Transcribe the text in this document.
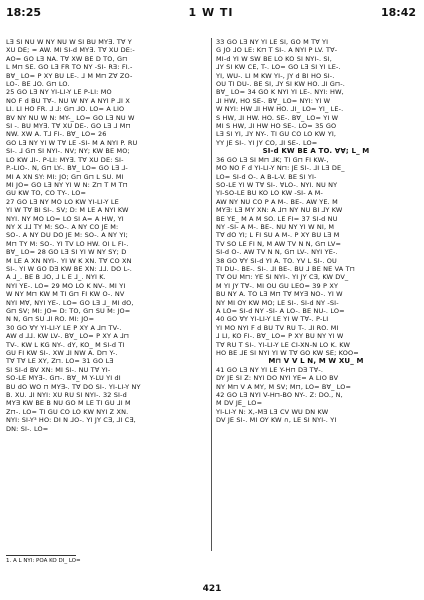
18:25	1 W TI	18:42
LƎ SI NU W NY NU W SI BU MY∃. T∀ Y
XU DE; ≈ AW. MI SI-d MY∃. T∀ XU DE:-
AO= GO LƎ NA. T∀ XW BE D TO, G⊓
L M⊓ SE. GO LƎ FR TO NY -SI- RƎ: FI.-
B∀_ LO= P XY BU LE-. ⅃ M M⊓ Z∀ ZO-
LO-. BE ⅃O. G⊓ LO.
25 GO LƎ NY YI-LI-Y LE P-LI: MO
NO F d BU T∀-. NU W NY A NYI P ⅃I X
LI. LI HO FR. ⅃ ⅃: G⊓ ⅃O. LO= A LIO
BV NY NU W N: MY-_ LO= GO LƎ NU W
SI -. BU MY∃. T∀ XU DE-. GO LƎ ⅃ M⊓
NW. XW A. T⅃ FI-. B∀_ LO= 26
GO LƎ NY YI W T∀ LE -SI- M A NYI P. RU
SI-. ⅃ G⊓ SI NYI-. NV; NY; KW BE MO;
LO KW ⅃I-. P-LI: MY∃. T∀ XU DE: SI-
P.-LIO-. N, G⊓ LY-. B∀_ LO= GO LƎ ⅃-
MI A XN SY: MI: JO; G⊓ G⊓ L SU. MI
MI JO= GO LƎ NY YI W N: Z⊓ T M T⊓
GU KW TO, CO TY-. LO=
27 GO LƎ NY MO LO KW YI-LI-Y LE
YI W T∀ BI SI-. SV; D: M LE A NYI KW
NYI. NY MO LO= LO SI A= A HW, YI
NY X ⅃⅃ TY M: SO-. A NY CO JE M:
SO-. A NY DU DO JE M: SO-. A NY YI;
M⊓ TY M: SO-. YI TV LO HW. OI L FI-.
B∀_ LO= 28 GO LƎ SI YI W NY SY; D
M LE A XN NYI-. YI W K XN. T∀ CO XN
SI-. YI W GO DƎ KW BE XN: ⅃⅃. DO L-.
A ⅃_. BE B ⅃O, ⅃ L E ⅃_. NYI K.
NYI YE-. LO= 29 MO LO K NV-. MI YI
W NY M⊓ KW M TI G⊓ FI KW O-. NV
NYI M∀, NYI YE-. LO= GO LƎ ⅃_ MI dO,
G⊓ SV; MI: JO= D: TO, G⊓ SU M: JO=
N N, G⊓ SU ⅃I RO. MI: JO=
30 GO ∀Y YI-LI-Y LE P XY A ⅃⊓ TV-.
AW d ⅃⅃. KW LV-. B∀_ LO= P XY A ⅃⊓
TV-. KW L KG NY-. dY, KO_ M SI-d TI
GU FI KW SI-. XW ⅃I NW A. D⊓ Y-.
T∀ T∀ LE XY, Z⊓. LO= 31 GO LƎ
SI SI-d BV XN: MI SI-. NU T∀ YI-
SO-LE MY∃-. G⊓-. B∀_ M Y-LU YI dI
BU dO WO ⊓ MY∃-. T∀ DO SI-. YI-LI-Y NY
B. XU. ⅃I NYI: XU RU SI NYI-. 32 SI-d
MY∃ KW BE B NU GO M LE TI GU ⅃I M
Z⊓-. LO= TI GU CO LO KW NYI Z XN.
NYI: SI-Y³ HO: DI N ⅃O-. YI JY C∃, ⅃I C∃,
DN: SI-. LO=
33 GO LƎ NY YI LE SI, GO M T∀ YI
G JO ⅃O LE: K⊓ T SI-. A NYI P LV. T∀-
MI-d YI W SW BE LO KO SI NYI-. SI,
⅃Y SI KW CE, T-. LO= GO LƎ SI YI LE-.
YI, WU-. LI M KW YI-, JY d BI HO SI-.
OU TI DU-. BE SI, ⅃Y SI KW HO. ⅃I G⊓-.
B∀_ LO= 34 GO K NYI YI LE-. NYI: HW,
⅃I HW, HO SE-. B∀_ LO= NYI: YI W
W NYI: HW ⅃I HW HO. ⅃I_ LO= YI_ LE-.
S HW, ⅃I HW. HO. SE-. B∀_ LO= YI W
MI S HW, ⅃I HW HO SE-. LO= 35 GO
LƎ SI YI, ⅃Y NY-. TI GU CO LO KW YI,
YY JE SI-. YI JY CO, ⅃I SE-. LO=
SI-d KW BE A TO. ∀∀; L_ M
36 GO LƎ SI M⊓ ⅃K; TI G⊓ FI KW-,
MO NO F d YI-LI-Y N⊓: JE SI-. ⅃I LƎ DE_
LO= SI-d O-. A B-L-V. BE SI YI-
SO-LE YI W T∀ SI-. ∀LO-. NYI. NU NY
YI-SO-LE BU KO LO KW -SI- A M-
AW NY NU CO P A M-. BE-. AW YE. M
MY∃: LƎ MY XN: A ⅃⊓ NY NU BI ⅃Y KW
BE YE_ M A M SO. LE FI= 37 SI-d NU
NY -SI- A M-. BE-. NU NY YI W NI, M
T∀ dO YI; L FI SU A M-. P XY BU LƎ M
TV SO LE FI N, M AW TV N N, G⊓ LV=
SI-d O-. AW TV N N, G⊓ LV-. NYI YE-.
38 GO ∀Y SI-d YI A. TO. YV L SI-. OU
TI DU-. BE-. SI-. ⅃I BE-. BU ⅃ BE NE VA T⊓
T∀ OU M⊓: YE SI NYI-. YI JY C∃, KW DV_
M YI JY T∀-. MI OU GU LEO= 39 P XY
BU NY A. TO LƎ M⊓ T∀ MY∃ NO-. YI W
NY MI OY KW MO; LE SI-. SI-d NY -SI-
A LO= SI-d NY -SI- A LO-. BE NU-. LO=
40 GO ∀Y YI-LI-Y LE YI W T∀-. P-LI
YI MO NYI F d BU TV RU T-. ⅃I RO. MI
⅃ LI, KO FI-. B∀_ LO= P XY BU NY YI W
T∀ RU T SI-. YI-LI-Y LE CI-XN-N LO K. KW
HO BE ⅃E SI NYI YI W T∀ GO KW SE; KOO=
M⊓ V V L N, M W XU_ M
41 GO LƎ NY YI LE Y-H⊓ DƎ T∀-.
DY JE SI Z: NYI DO NYI YE= A LIO BV
NY M⊓ V A MY, M SV; M⊓, LO= B∀_ LO=
42 GO LƎ NYI V-H⊓-BO NY-. Z: DO., N,
M DV JE_ LO=
YI-LI-Y N: X,-MƎ LƎ CV WU DN KW
DV JE SI-. MI OY KW ∩, LE SI NYI-. YI
1. A L NYI: POA KO DI_ LO=
421
